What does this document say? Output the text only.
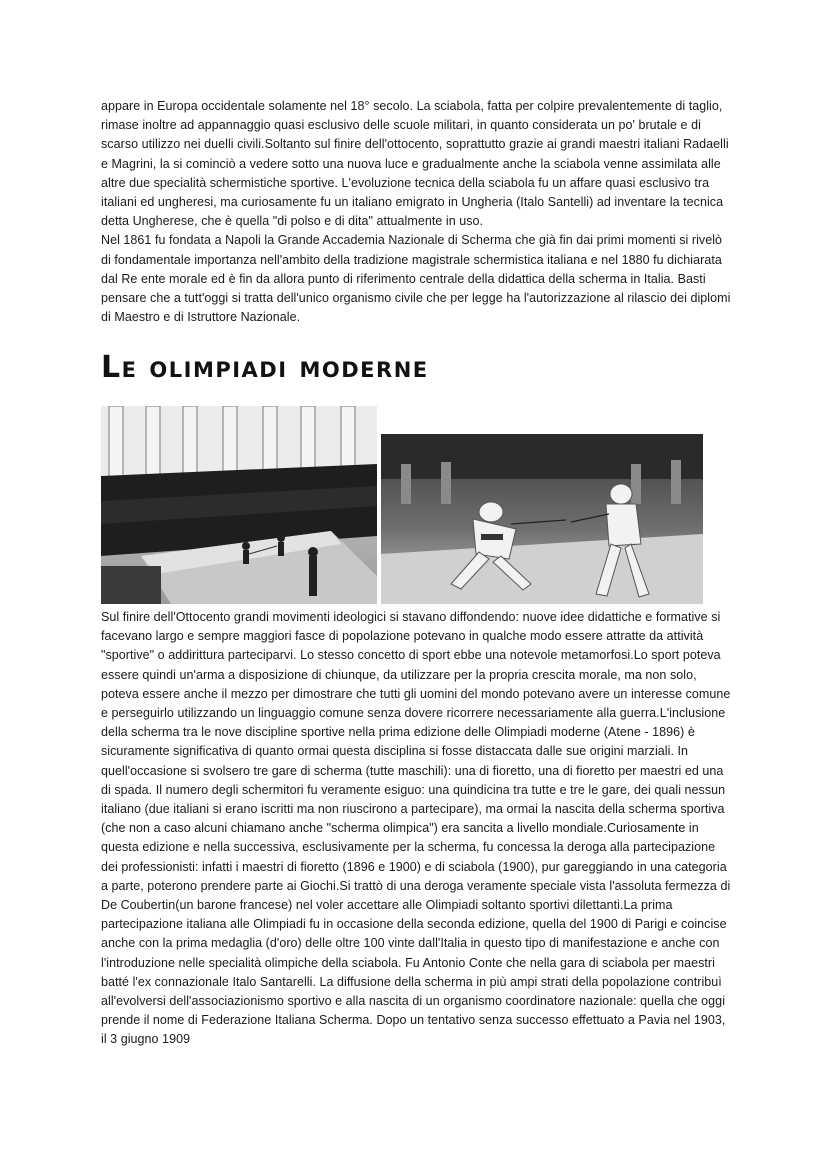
appare in Europa occidentale solamente nel 18° secolo. La sciabola, fatta per colpire prevalentemente di taglio, rimase inoltre ad appannaggio quasi esclusivo delle scuole militari, in quanto considerata un po' brutale e di scarso utilizzo nei duelli civili.Soltanto sul finire dell'ottocento, soprattutto grazie ai grandi maestri italiani Radaelli e Magrini, la si cominciò a vedere sotto una nuova luce e gradualmente anche la sciabola venne assimilata alle altre due specialità schermistiche sportive. L'evoluzione tecnica della sciabola fu un affare quasi esclusivo tra italiani ed ungheresi, ma curiosamente fu un italiano emigrato in Ungheria (Italo Santelli) ad inventare la tecnica detta Ungherese, che è quella "di polso e di dita" attualmente in uso.
Nel 1861 fu fondata a Napoli la Grande Accademia Nazionale di Scherma che già fin dai primi momenti si rivelò di fondamentale importanza nell'ambito della tradizione magistrale schermistica italiana e nel 1880 fu dichiarata dal Re ente morale ed è fin da allora punto di riferimento centrale della didattica della scherma in Italia. Basti pensare che a tutt'oggi si tratta dell'unico organismo civile che per legge ha l'autorizzazione al rilascio dei diplomi di Maestro e di Istruttore Nazionale.
Le olimpiadi moderne
Sul finire dell'Ottocento grandi movimenti ideologici si stavano diffondendo: nuove idee didattiche e formative si facevano largo e sempre maggiori fasce di popolazione potevano in qualche modo essere attratte da attività "sportive" o addirittura parteciparvi. Lo stesso concetto di sport ebbe una notevole metamorfosi.Lo sport poteva essere quindi un'arma a disposizione di chiunque, da utilizzare per la propria crescita morale, ma non solo, poteva essere anche il mezzo per dimostrare che tutti gli uomini del mondo potevano avere un interesse comune e perseguirlo utilizzando un linguaggio comune senza dovere ricorrere necessariamente alla guerra.L'inclusione della scherma tra le nove discipline sportive nella prima edizione delle Olimpiadi moderne (Atene - 1896) è sicuramente significativa di quanto ormai questa disciplina si fosse distaccata dalle sue origini marziali. In quell'occasione si svolsero tre gare di scherma (tutte maschili): una di fioretto, una di fioretto per maestri ed una di spada. Il numero degli schermitori fu veramente esiguo: una quindicina tra tutte e tre le gare, dei quali nessun italiano (due italiani si erano iscritti ma non riuscirono a partecipare), ma ormai la nascita della scherma sportiva (che non a caso alcuni chiamano anche "scherma olimpica") era sancita a livello mondiale.Curiosamente in questa edizione e nella successiva, esclusivamente per la scherma, fu concessa la deroga alla partecipazione dei professionisti: infatti i maestri di fioretto (1896 e 1900) e di sciabola (1900), pur gareggiando in una categoria a parte, poterono prendere parte ai Giochi.Si trattò di una deroga veramente speciale vista l'assoluta fermezza di De Coubertin(un barone francese) nel voler accettare alle Olimpiadi soltanto sportivi dilettanti.La prima partecipazione italiana alle Olimpiadi fu in occasione della seconda edizione, quella del 1900 di Parigi e coincise anche con la prima medaglia (d'oro) delle oltre 100 vinte dall'Italia in questo tipo di manifestazione e anche con l'introduzione nelle specialità olimpiche della sciabola. Fu Antonio Conte che nella gara di sciabola per maestri batté l'ex connazionale Italo Santarelli. La diffusione della scherma in più ampi strati della popolazione contribuì all'evolversi dell'associazionismo sportivo e alla nascita di un organismo coordinatore nazionale: quella che oggi prende il nome di Federazione Italiana Scherma. Dopo un tentativo senza successo effettuato a Pavia nel 1903, il 3 giugno 1909
